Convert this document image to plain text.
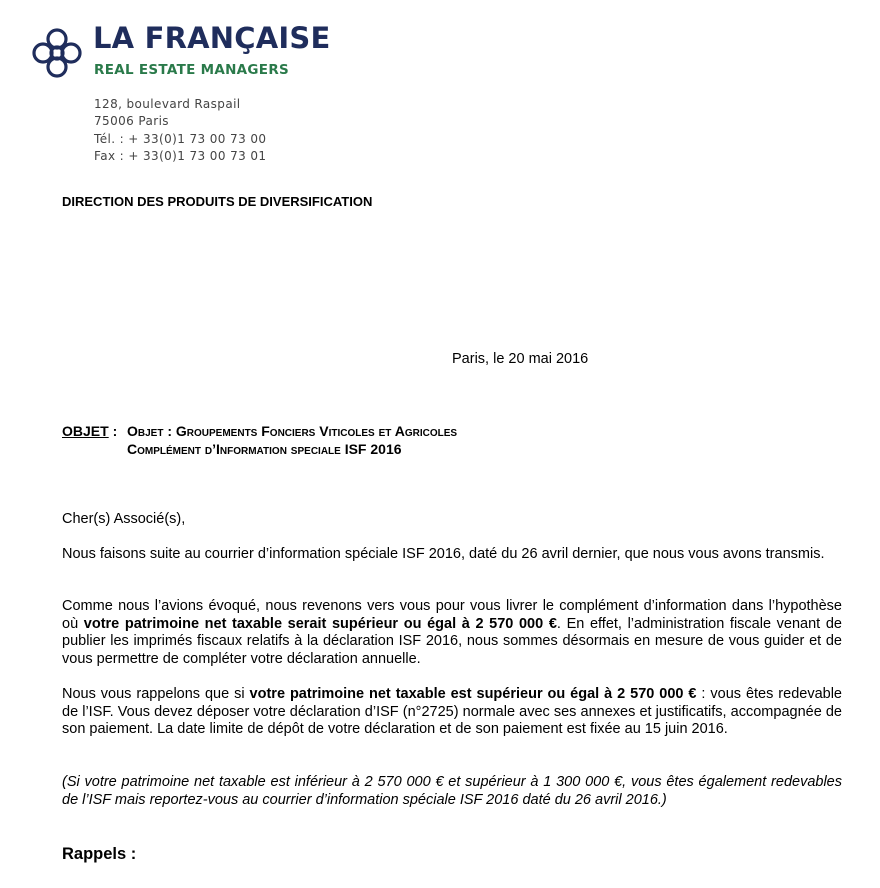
LA FRANÇAISE
REAL ESTATE MANAGERS
128, boulevard Raspail
75006 Paris
Tél. : + 33(0)1 73 00 73 00
Fax : + 33(0)1 73 00 73 01
DIRECTION DES PRODUITS DE DIVERSIFICATION
Paris, le 20 mai 2016
OBJET : Objet : Groupements Fonciers Viticoles et Agricoles
Complément d’Information speciale ISF 2016
Cher(s) Associé(s),
Nous faisons suite au courrier d’information spéciale ISF 2016, daté du 26 avril dernier, que nous vous avons transmis.
Comme nous l’avions évoqué, nous revenons vers vous pour vous livrer le complément d’information dans l’hypothèse où votre patrimoine net taxable serait supérieur ou égal à 2 570 000 €. En effet, l’administration fiscale venant de publier les imprimés fiscaux relatifs à la déclaration ISF 2016, nous sommes désormais en mesure de vous guider et de vous permettre de compléter votre déclaration annuelle.
Nous vous rappelons que si votre patrimoine net taxable est supérieur ou égal à 2 570 000 € : vous êtes redevable de l’ISF. Vous devez déposer votre déclaration d’ISF (n°2725) normale avec ses annexes et justificatifs, accompagnée de son paiement. La date limite de dépôt de votre déclaration et de son paiement est fixée au 15 juin 2016.
(Si votre patrimoine net taxable est inférieur à 2 570 000 € et supérieur à 1 300 000 €, vous êtes également redevables de l’ISF mais reportez-vous au courrier d’information spéciale ISF 2016 daté du 26 avril 2016.)
Rappels :
